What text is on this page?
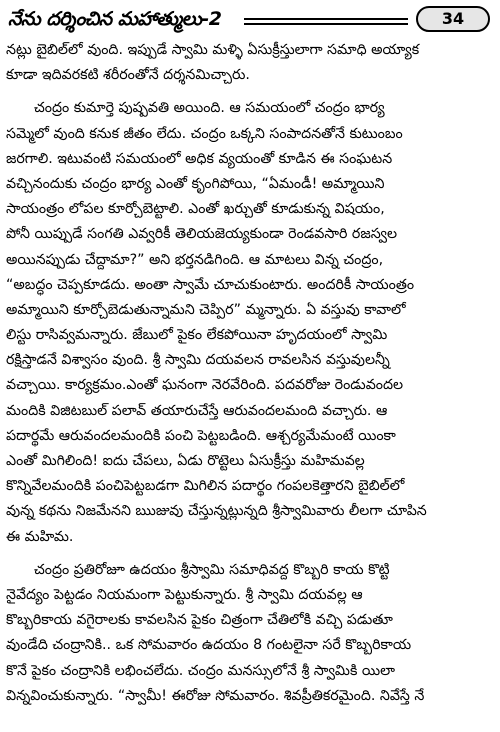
నేను దర్శించిన మహాత్ములు-2	34
నట్లు బైబిల్‌లో వుంది. ఇప్పుడే స్వామి మళ్ళి ఏసుక్రీస్తులాగా సమాధి అయ్యాక
కూడా ఇదివరకటి శరీరంతోనే దర్శనమిచ్చారు.
చంద్రం కుమార్తె పుష్పవతి అయింది. ఆ సమయంలో చంద్రం భార్య
సమ్మెలో వుంది కనుక జీతం లేదు. చంద్రం ఒక్కని సంపాదనతోనే కుటుంబం
జరగాలి. ఇటువంటి సమయంలో అధిక వ్యయంతో కూడిన ఈ సంఘటన
వచ్చినందుకు చంద్రం భార్య ఎంతో కృంగిపోయి, “ఏమండీ! అమ్మాయిని
సాయంత్రం లోపల కూర్చోబెట్టాలి. ఎంతో ఖర్చుతో కూడుకున్న విషయం,
పోనీ యిప్పుడే సంగతి ఎవ్వరికీ తెలియజెయ్యకుండా రెండవసారి రజస్వల
అయినప్పుడు చేద్దామా?” అని భర్తనడిగింది. ఆ మాటలు విన్న చంద్రం,
“అబద్ధం చెప్పకూడదు. అంతా స్వామే చూచుకుంటారు. అందరికీ సాయంత్రం
అమ్మాయిని కూర్చోబెడుతున్నామని చెప్పిర” మ్మన్నారు. ఏ వస్తువు కావాలో
లిస్టు రాసివ్వమన్నారు. జేబులో పైకం లేకపోయినా హృదయంలో స్వామి
రక్షిస్తాడనే విశ్వాసం వుంది. శ్రీ స్వామి దయవలన రావలసిన వస్తువులన్నీ
వచ్చాయి. కార్యక్రమం.ఎంతో ఘనంగా నెరవేరింది. పదవరోజు రెండువందల
మందికి విజిటబుల్ పలావ్ తయారుచేస్తే ఆరువందలమంది వచ్చారు. ఆ
పదార్థమే ఆరువందలమందికి పంచి పెట్టబడింది. ఆశ్చర్యమేమంటే యింకా
ఎంతో మిగిలింది! ఐదు చేపలు, ఏడు రొట్టెలు ఏసుక్రీస్తు మహిమవల్ల
కొన్నివేలమందికి పంచిపెట్టబడగా మిగిలిన పదార్థం గంపలకెత్తారని బైబిల్‌లో
వున్న కథను నిజమేనని ఋజువు చేస్తున్నట్లున్నది శ్రీస్వామివారు లీలగా చూపిన
ఈ మహిమ.
చంద్రం ప్రతిరోజూ ఉదయం శ్రీస్వామి సమాధివద్ద కొబ్బరి కాయ కొట్టి
నైవేద్యం పెట్టడం నియమంగా పెట్టుకున్నారు. శ్రీ స్వామి దయవల్ల ఆ
కొబ్బరికాయ వగైరాలకు కావలసిన పైకం చిత్రంగా చేతిలోకి వచ్చి పడుతూ
వుండేది చంద్రానికి.. ఒక సోమవారం ఉదయం 8 గంటలైనా సరే కొబ్బరికాయ
కొనే పైకం చంద్రానికి లభించలేదు. చంద్రం మనస్సులోనే శ్రీ స్వామికి యిలా
విన్నవించుకున్నారు. “స్వామీ! ఈరోజు సోమవారం. శివప్రీతికరమైంది. నివేస్తే నే
